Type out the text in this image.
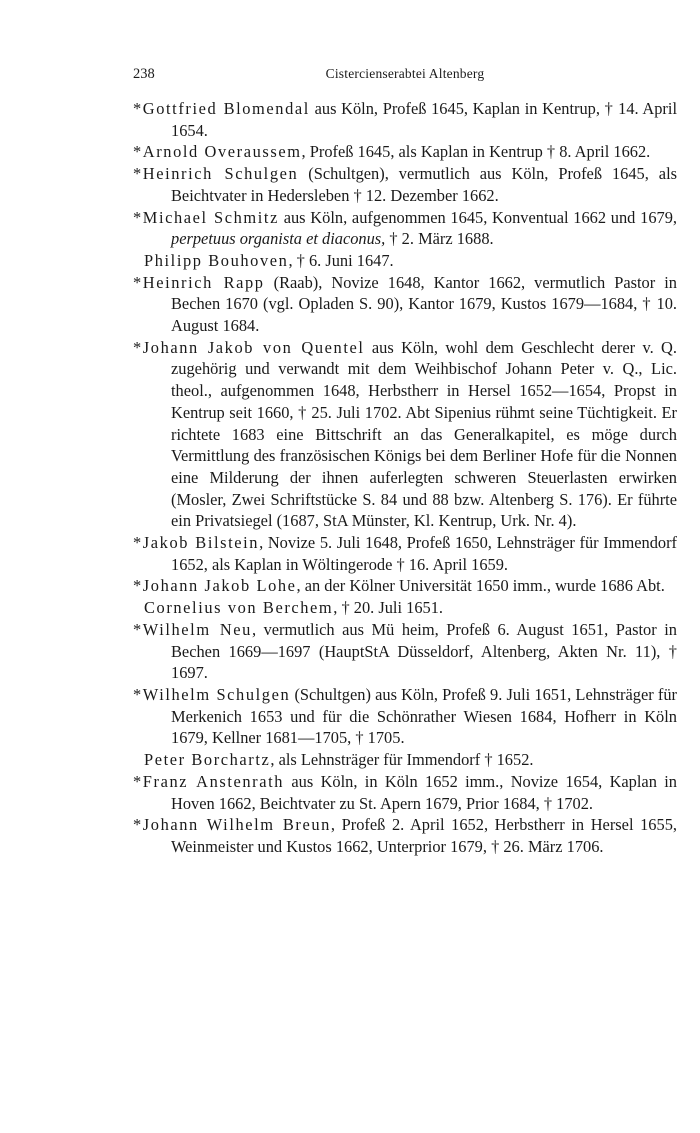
238	Cistercienserabtei Altenberg
*Gottfried Blomendal aus Köln, Profeß 1645, Kaplan in Kentrup, † 14. April 1654.
*Arnold Overaussem, Profeß 1645, als Kaplan in Kentrup † 8. April 1662.
*Heinrich Schulgen (Schultgen), vermutlich aus Köln, Profeß 1645, als Beichtvater in Hedersleben † 12. Dezember 1662.
*Michael Schmitz aus Köln, aufgenommen 1645, Konventual 1662 und 1679, perpetuus organista et diaconus, † 2. März 1688.
Philipp Bouhoven, † 6. Juni 1647.
*Heinrich Rapp (Raab), Novize 1648, Kantor 1662, vermutlich Pastor in Bechen 1670 (vgl. Opladen S. 90), Kantor 1679, Kustos 1679—1684, † 10. August 1684.
*Johann Jakob von Quentel aus Köln, wohl dem Geschlecht derer v. Q. zugehörig und verwandt mit dem Weihbischof Johann Peter v. Q., Lic. theol., aufgenommen 1648, Herbstherr in Hersel 1652—1654, Propst in Kentrup seit 1660, † 25. Juli 1702. Abt Sipenius rühmt seine Tüchtigkeit. Er richtete 1683 eine Bittschrift an das Generalkapitel, es möge durch Vermittlung des französischen Königs bei dem Berliner Hofe für die Nonnen eine Milderung der ihnen auferlegten schweren Steuerlasten erwirken (Mosler, Zwei Schriftstücke S. 84 und 88 bzw. Altenberg S. 176). Er führte ein Privatsiegel (1687, StA Münster, Kl. Kentrup, Urk. Nr. 4).
*Jakob Bilstein, Novize 5. Juli 1648, Profeß 1650, Lehnsträger für Immendorf 1652, als Kaplan in Wöltingerode † 16. April 1659.
*Johann Jakob Lohe, an der Kölner Universität 1650 imm., wurde 1686 Abt.
Cornelius von Berchem, † 20. Juli 1651.
*Wilhelm Neu, vermutlich aus Mü heim, Profeß 6. August 1651, Pastor in Bechen 1669—1697 (HauptStA Düsseldorf, Altenberg, Akten Nr. 11), † 1697.
*Wilhelm Schulgen (Schultgen) aus Köln, Profeß 9. Juli 1651, Lehnsträger für Merkenich 1653 und für die Schönrather Wiesen 1684, Hofherr in Köln 1679, Kellner 1681—1705, † 1705.
Peter Borchartz, als Lehnsträger für Immendorf † 1652.
*Franz Anstenrath aus Köln, in Köln 1652 imm., Novize 1654, Kaplan in Hoven 1662, Beichtvater zu St. Apern 1679, Prior 1684, † 1702.
*Johann Wilhelm Breun, Profeß 2. April 1652, Herbstherr in Hersel 1655, Weinmeister und Kustos 1662, Unterprior 1679, † 26. März 1706.
